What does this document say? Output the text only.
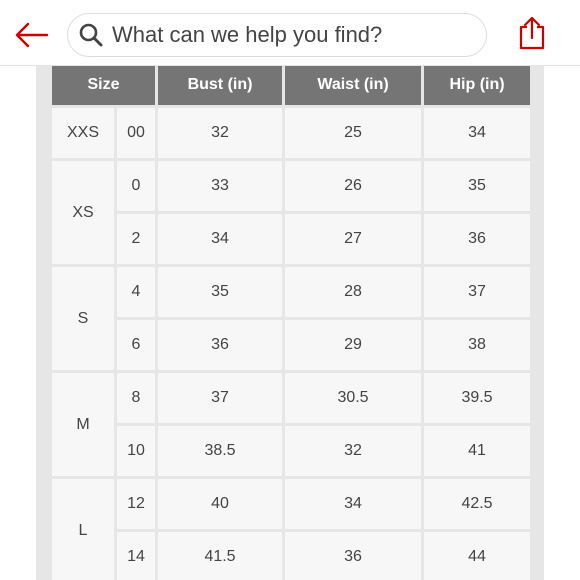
What can we help you find?
Size		Bust (in)	Waist (in)	Hip (in)
XXS	00	32	25	34
XS	0	33	26	35
	2	34	27	36
S	4	35	28	37
	6	36	29	38
M	8	37	30.5	39.5
	10	38.5	32	41
L	12	40	34	42.5
	14	41.5	36	44
